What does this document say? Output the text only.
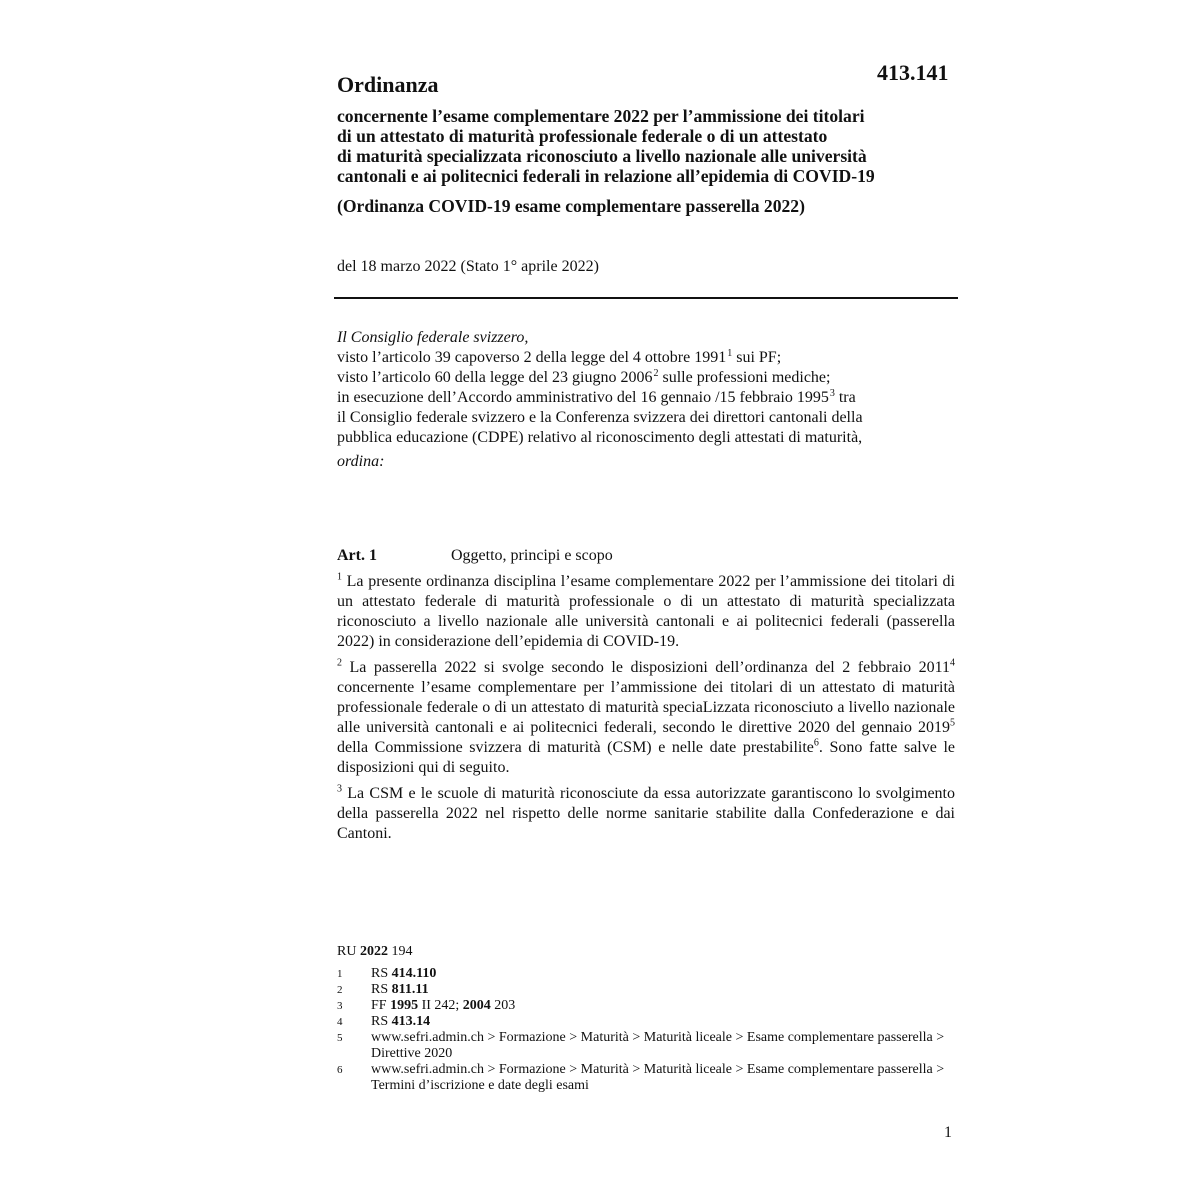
413.141
Ordinanza
concernente l’esame complementare 2022 per l’ammissione dei titolari
di un attestato di maturità professionale federale o di un attestato
di maturità specializzata riconosciuto a livello nazionale alle università
cantonali e ai politecnici federali in relazione all’epidemia di COVID-19
(Ordinanza COVID-19 esame complementare passerella 2022)
del 18 marzo 2022 (Stato 1° aprile 2022)
Il Consiglio federale svizzero,
visto l’articolo 39 capoverso 2 della legge del 4 ottobre 1991$^1$ sui PF;
visto l’articolo 60 della legge del 23 giugno 2006$^2$ sulle professioni mediche;
in esecuzione dell’Accordo amministrativo del 16 gennaio /15 febbraio 1995$^3$ tra
il Consiglio federale svizzero e la Conferenza svizzera dei direttori cantonali della
pubblica educazione (CDPE) relativo al riconoscimento degli attestati di maturità,
ordina:
Art. 1	Oggetto, principi e scopo
$^1$ La presente ordinanza disciplina l’esame complementare 2022 per l’ammissione dei titolari di un attestato federale di maturità professionale o di un attestato di maturità specializzata riconosciuto a livello nazionale alle università cantonali e ai politecnici federali (passerella 2022) in considerazione dell’epidemia di COVID-19.
$^2$ La passerella 2022 si svolge secondo le disposizioni dell’ordinanza del 2 febbraio 2011$^4$ concernente l’esame complementare per l’ammissione dei titolari di un attestato di maturità professionale federale o di un attestato di maturità speciaLizzata riconosciuto a livello nazionale alle università cantonali e ai politecnici federali, secondo le direttive 2020 del gennaio 2019$^5$ della Commissione svizzera di maturità (CSM) e nelle date prestabilite$^6$. Sono fatte salve le disposizioni qui di seguito.
$^3$ La CSM e le scuole di maturità riconosciute da essa autorizzate garantiscono lo svolgimento della passerella 2022 nel rispetto delle norme sanitarie stabilite dalla Confederazione e dai Cantoni.
RU 2022 194
1	RS 414.110
2	RS 811.11
3	FF 1995 II 242; 2004 203
4	RS 413.14
5	www.sefri.admin.ch > Formazione > Maturità > Maturità liceale > Esame complementare passerella > Direttive 2020
6	www.sefri.admin.ch > Formazione > Maturità > Maturità liceale > Esame complementare passerella > Termini d’iscrizione e date degli esami
1
